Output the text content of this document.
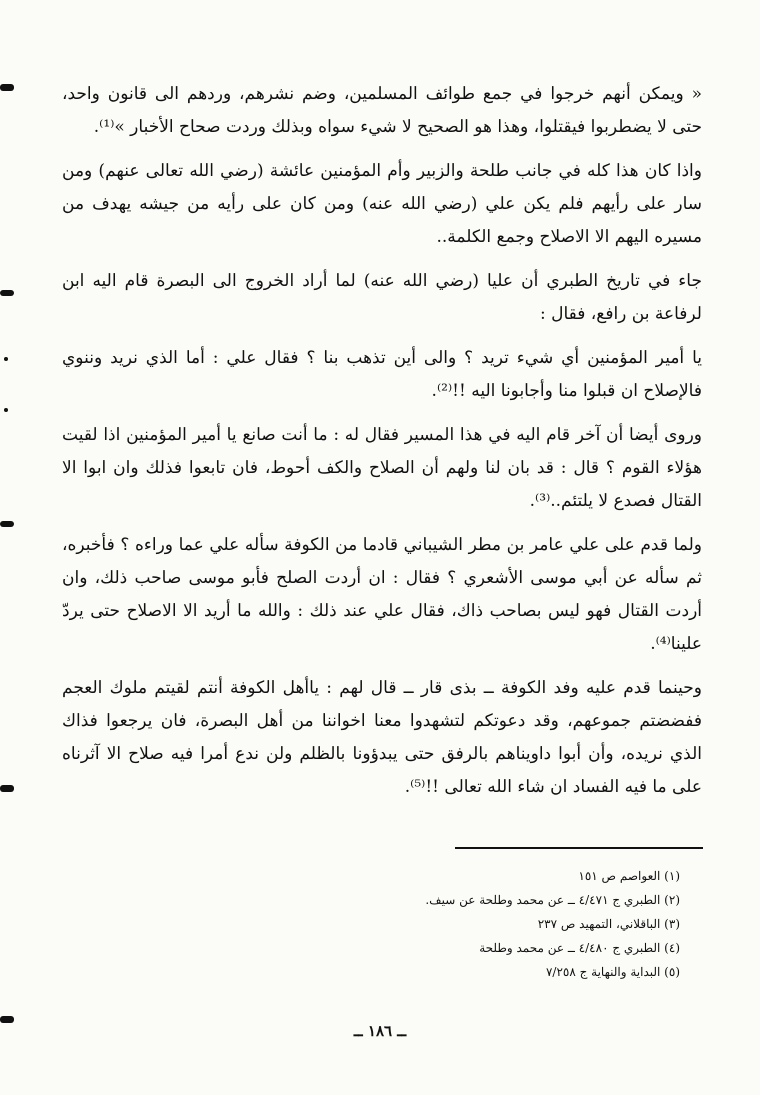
« ويمكن أنهم خرجوا في جمع طوائف المسلمين، وضم نشرهم، وردهم الى قانون واحد، حتى لا يضطربوا فيقتلوا، وهذا هو الصحيح لا شيء سواه وبذلك وردت صحاح الأخبار »⁽¹⁾.

واذا كان هذا كله في جانب طلحة والزبير وأم المؤمنين عائشة (رضي الله تعالى عنهم) ومن سار على رأيهم فلم يكن علي (رضي الله عنه) ومن كان على رأيه من جيشه يهدف من مسيره اليهم الا الاصلاح وجمع الكلمة..

جاء في تاريخ الطبري أن عليا (رضي الله عنه) لما أراد الخروج الى البصرة قام اليه ابن لرفاعة بن رافع، فقال :

يا أمير المؤمنين أي شيء تريد ؟ والى أين تذهب بنا ؟ فقال علي : أما الذي نريد وننوي فالإصلاح ان قبلوا منا وأجابونا اليه !!⁽²⁾.

وروى أيضا أن آخر قام اليه في هذا المسير فقال له : ما أنت صانع يا أمير المؤمنين اذا لقيت هؤلاء القوم ؟ قال : قد بان لنا ولهم أن الصلاح والكف أحوط، فان تابعوا فذلك وان ابوا الا القتال فصدع لا يلتئم..⁽³⁾.

ولما قدم على علي عامر بن مطر الشيباني قادما من الكوفة سأله علي عما وراءه ؟ فأخبره، ثم سأله عن أبي موسى الأشعري ؟ فقال : ان أردت الصلح فأبو موسى صاحب ذلك، وان أردت القتال فهو ليس بصاحب ذاك، فقال علي عند ذلك : والله ما أريد الا الاصلاح حتى يردّ علينا⁽⁴⁾.

وحينما قدم عليه وفد الكوفة ــ بذى قار ــ قال لهم : ياأهل الكوفة أنتم لقيتم ملوك العجم ففضضتم جموعهم، وقد دعوتكم لتشهدوا معنا اخواننا من أهل البصرة، فان يرجعوا فذاك الذي نريده، وأن أبوا داويناهم بالرفق حتى يبدؤونا بالظلم ولن ندع أمرا فيه صلاح الا آثرناه على ما فيه الفساد ان شاء الله تعالى !!⁽⁵⁾.

(١) العواصم ص ١٥١

(٢) الطبري ج ٤/٤٧١ ــ عن محمد وطلحة عن سيف.

(٣) الباقلاني، التمهيد ص ٢٣٧

(٤) الطبري ج ٤/٤٨٠ ــ عن محمد وطلحة

(٥) البداية والنهاية ج ٧/٢٥٨

ــ ١٨٦ ــ
